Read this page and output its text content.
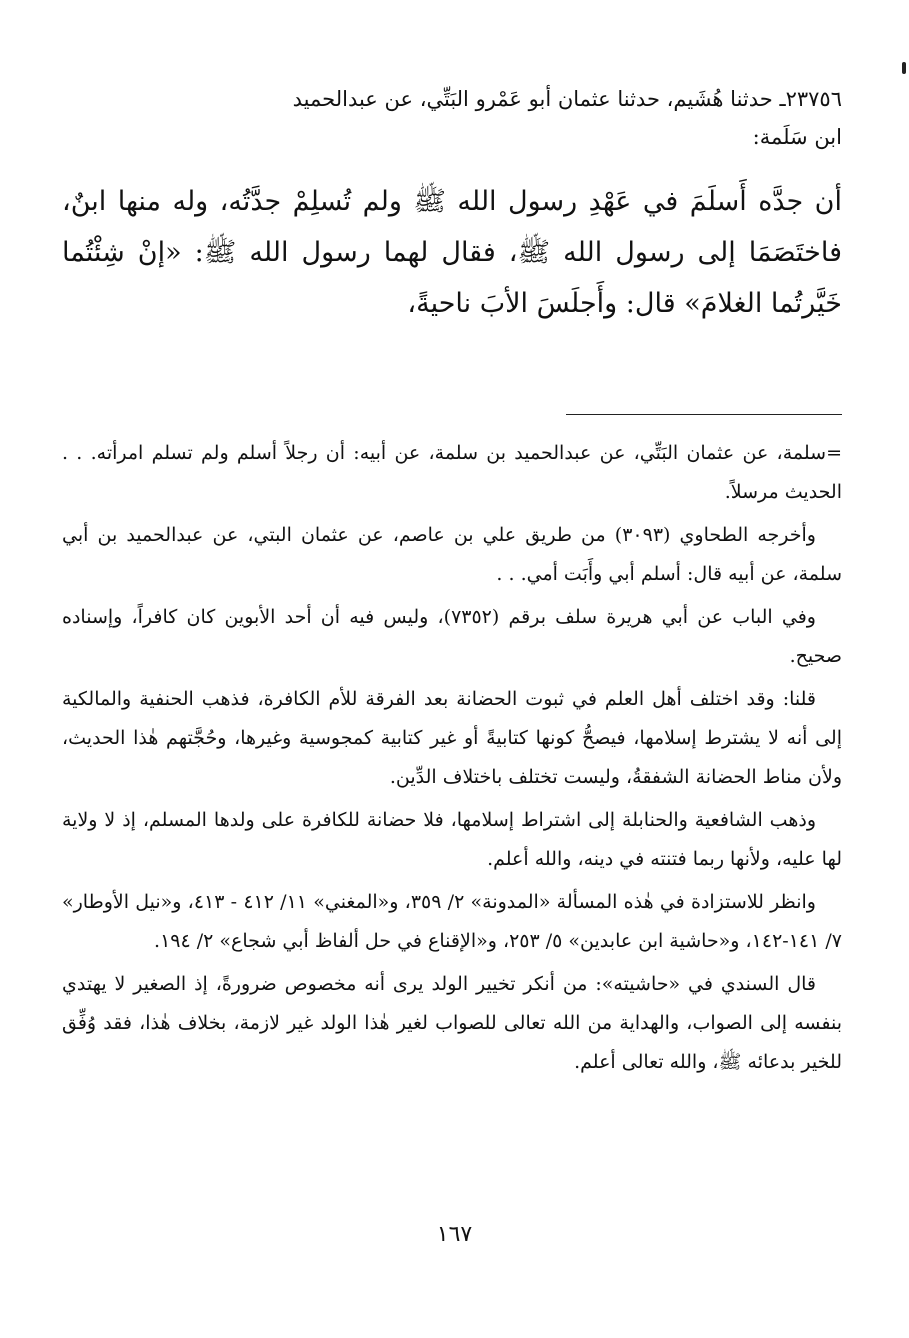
٢٣٧٥٦ـ حدثنا هُشَيم، حدثنا عثمان أبو عَمْرو البَتِّي، عن عبدالحميد

ابن سَلَمة:

أن جدَّه أَسلَمَ في عَهْدِ رسول الله ﷺ ولم تُسلِمْ جدَّتُه، وله منها ابنٌ، فاختَصَمَا إلى رسول الله ﷺ، فقال لهما رسول الله ﷺ: «إنْ شِئْتُما خَيَّرتُما الغلامَ» قال: وأَجلَسَ الأبَ ناحيةً،

=سلمة، عن عثمان البَتِّي، عن عبدالحميد بن سلمة، عن أبيه: أن رجلاً أسلم ولم تسلم امرأته. . . الحديث مرسلاً.

وأخرجه الطحاوي (٣٠٩٣) من طريق علي بن عاصم، عن عثمان البتي، عن عبدالحميد بن أبي سلمة، عن أبيه قال: أسلم أبي وأَبَت أمي. . .

وفي الباب عن أبي هريرة سلف برقم (٧٣٥٢)، وليس فيه أن أحد الأبوين كان كافراً، وإسناده صحيح.

قلنا: وقد اختلف أهل العلم في ثبوت الحضانة بعد الفرقة للأم الكافرة، فذهب الحنفية والمالكية إلى أنه لا يشترط إسلامها، فيصحُّ كونها كتابيةً أو غير كتابية كمجوسية وغيرها، وحُجَّتهم هٰذا الحديث، ولأن مناط الحضانة الشفقةُ، وليست تختلف باختلاف الدِّين.

وذهب الشافعية والحنابلة إلى اشتراط إسلامها، فلا حضانة للكافرة على ولدها المسلم، إذ لا ولاية لها عليه، ولأنها ربما فتنته في دينه، والله أعلم.

وانظر للاستزادة في هٰذه المسألة «المدونة» ٢/ ٣٥٩، و«المغني» ١١/ ٤١٢ - ٤١٣، و«نيل الأوطار» ٧/ ١٤١-١٤٢، و«حاشية ابن عابدين» ٥/ ٢٥٣، و«الإقناع في حل ألفاظ أبي شجاع» ٢/ ١٩٤.

قال السندي في «حاشيته»: من أنكر تخيير الولد يرى أنه مخصوص ضرورةً، إذ الصغير لا يهتدي بنفسه إلى الصواب، والهداية من الله تعالى للصواب لغير هٰذا الولد غير لازمة، بخلاف هٰذا، فقد وُفِّق للخير بدعائه ﷺ، والله تعالى أعلم.

١٦٧
